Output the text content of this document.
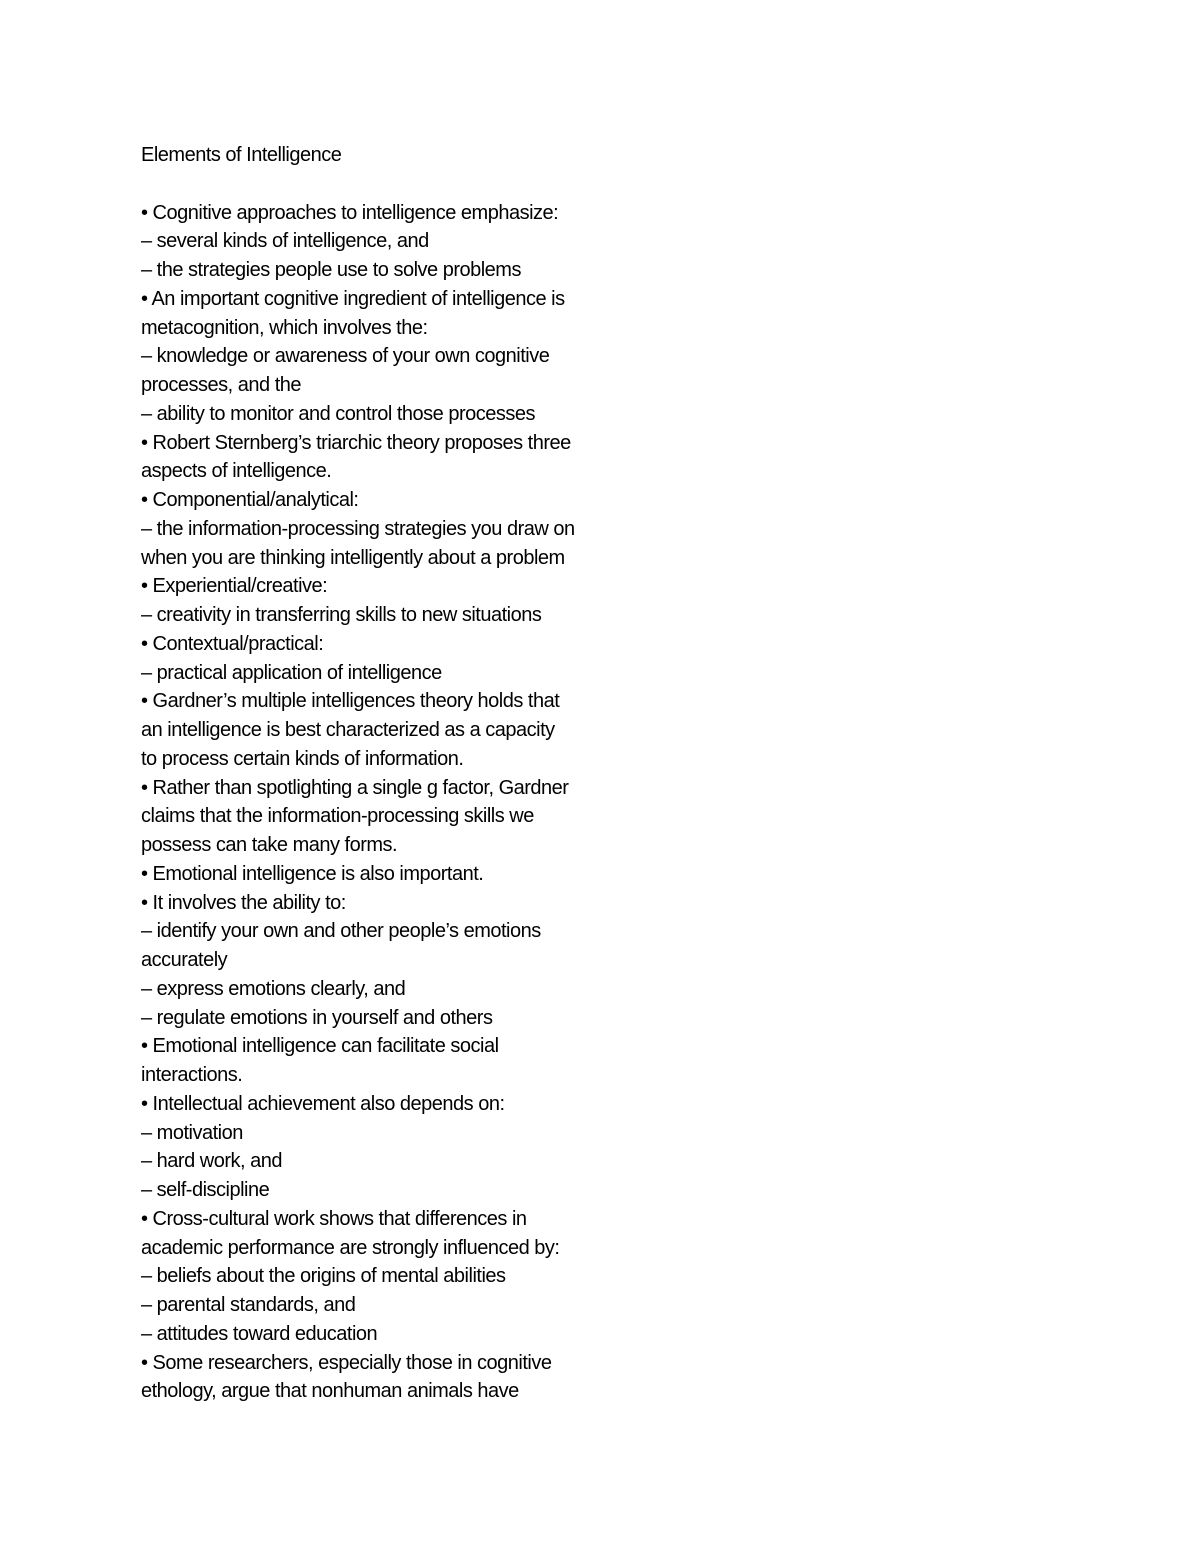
Elements of Intelligence
• Cognitive approaches to intelligence emphasize:
– several kinds of intelligence, and
– the strategies people use to solve problems
• An important cognitive ingredient of intelligence is
metacognition, which involves the:
– knowledge or awareness of your own cognitive
processes, and the
– ability to monitor and control those processes
• Robert Sternberg’s triarchic theory proposes three
aspects of intelligence.
• Componential/analytical:
– the information-processing strategies you draw on
when you are thinking intelligently about a problem
• Experiential/creative:
– creativity in transferring skills to new situations
• Contextual/practical:
– practical application of intelligence
• Gardner’s multiple intelligences theory holds that
an intelligence is best characterized as a capacity
to process certain kinds of information.
• Rather than spotlighting a single g factor, Gardner
claims that the information-processing skills we
possess can take many forms.
• Emotional intelligence is also important.
• It involves the ability to:
– identify your own and other people’s emotions
accurately
– express emotions clearly, and
– regulate emotions in yourself and others
• Emotional intelligence can facilitate social
interactions.
• Intellectual achievement also depends on:
– motivation
– hard work, and
– self-discipline
• Cross-cultural work shows that differences in
academic performance are strongly influenced by:
– beliefs about the origins of mental abilities
– parental standards, and
– attitudes toward education
• Some researchers, especially those in cognitive
ethology, argue that nonhuman animals have
